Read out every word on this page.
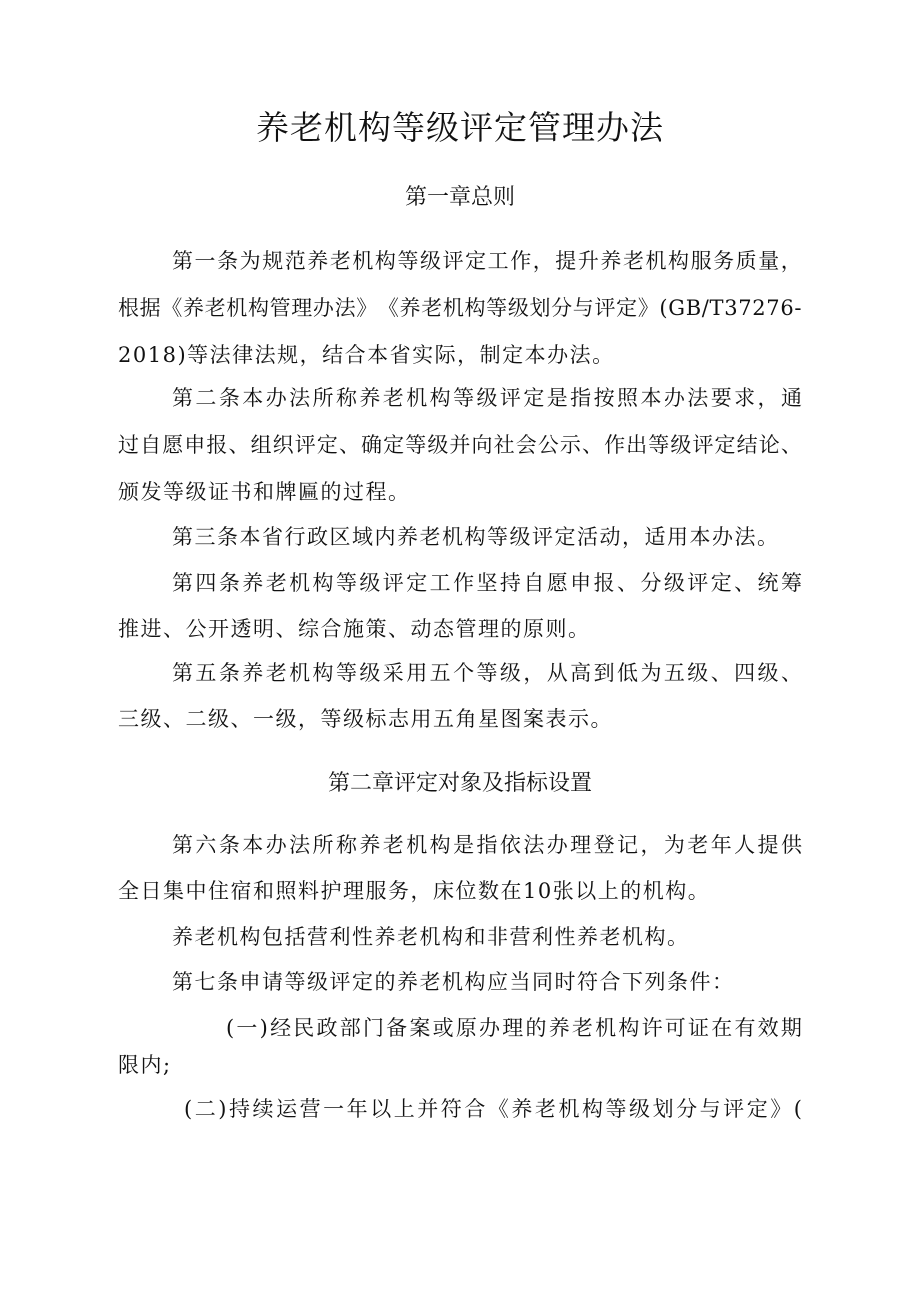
养老机构等级评定管理办法
第一章总则
第 一 条 为 规 范 养 老 机 构 等 级 评 定 工 作 ， 提 升 养 老 机 构 服 务 质 量 ，
根 据 《 养 老 机 构 管 理 办 法 》 《 养 老 机 构 等 级 划 分 与 评 定 》 ( G B / T 3 7 2 7 6 -
2018)等法律法规，结合本省实际，制定本办法。
第 二 条 本 办 法 所 称 养 老 机 构 等 级 评 定 是 指 按 照 本 办 法 要 求 ， 通
过 自 愿 申 报 、 组 织 评 定 、 确 定 等 级 并 向 社 会 公 示 、 作 出 等 级 评 定 结 论 、
颁发等级证书和牌匾的过程。
第三条本省行政区域内养老机构等级评定活动，适用本办法。
第 四 条 养 老 机 构 等 级 评 定 工 作 坚 持 自 愿 申 报 、 分 级 评 定 、 统 筹
推进、公开透明、综合施策、动态管理的原则。
第 五 条 养 老 机 构 等 级 采 用 五 个 等 级 ， 从 高 到 低 为 五 级 、 四 级 、
三级、二级、一级，等级标志用五角星图案表示。
第二章评定对象及指标设置
第 六 条 本 办 法 所 称 养 老 机 构 是 指 依 法 办 理 登 记 ， 为 老 年 人 提 供
全日集中住宿和照料护理服务，床位数在10张以上的机构。
养老机构包括营利性养老机构和非营利性养老机构。
第七条申请等级评定的养老机构应当同时符合下列条件：
( 一 ) 经 民 政 部 门 备 案 或 原 办 理 的 养 老 机 构 许 可 证 在 有 效 期
限内;
( 二 ) 持 续 运 营 一 年 以 上 并 符 合 《 养 老 机 构 等 级 划 分 与 评 定 》 (
